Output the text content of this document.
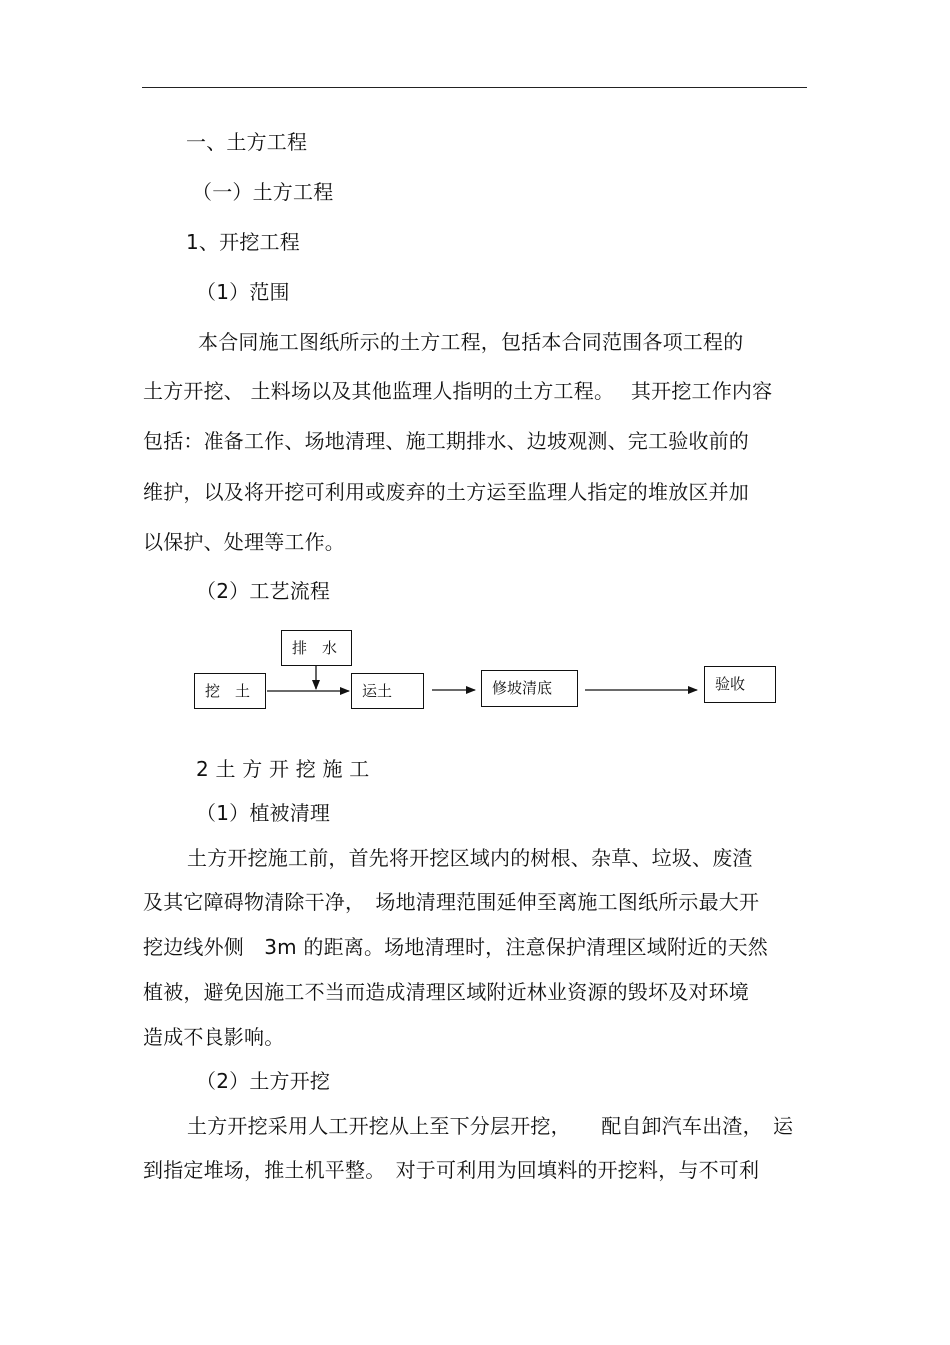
一、土方工程
（一）土方工程
1、开挖工程
（1）范围
本合同施工图纸所示的土方工程，包括本合同范围各项工程的
土方开挖、 土料场以及其他监理人指明的土方工程。　 其开挖工作内容
包括：准备工作、场地清理、施工期排水、边坡观测、完工验收前的
维护，以及将开挖可利用或废弃的土方运至监理人指定的堆放区并加
以保护、处理等工作。
（2）工艺流程
排　水
挖　土	运土	修坡清底	验收
2 土 方 开 挖 施 工
（1）植被清理
土方开挖施工前，首先将开挖区域内的树根、杂草、垃圾、废渣
及其它障碍物清除干净，　场地清理范围延伸至离施工图纸所示最大开
挖边线外侧　3m 的距离。场地清理时，注意保护清理区域附近的天然
植被，避免因施工不当而造成清理区域附近林业资源的毁坏及对环境
造成不良影响。
（2）土方开挖
土方开挖采用人工开挖从上至下分层开挖，　　配自卸汽车出渣，　运
到指定堆场，推土机平整。　对于可利用为回填料的开挖料，与不可利
